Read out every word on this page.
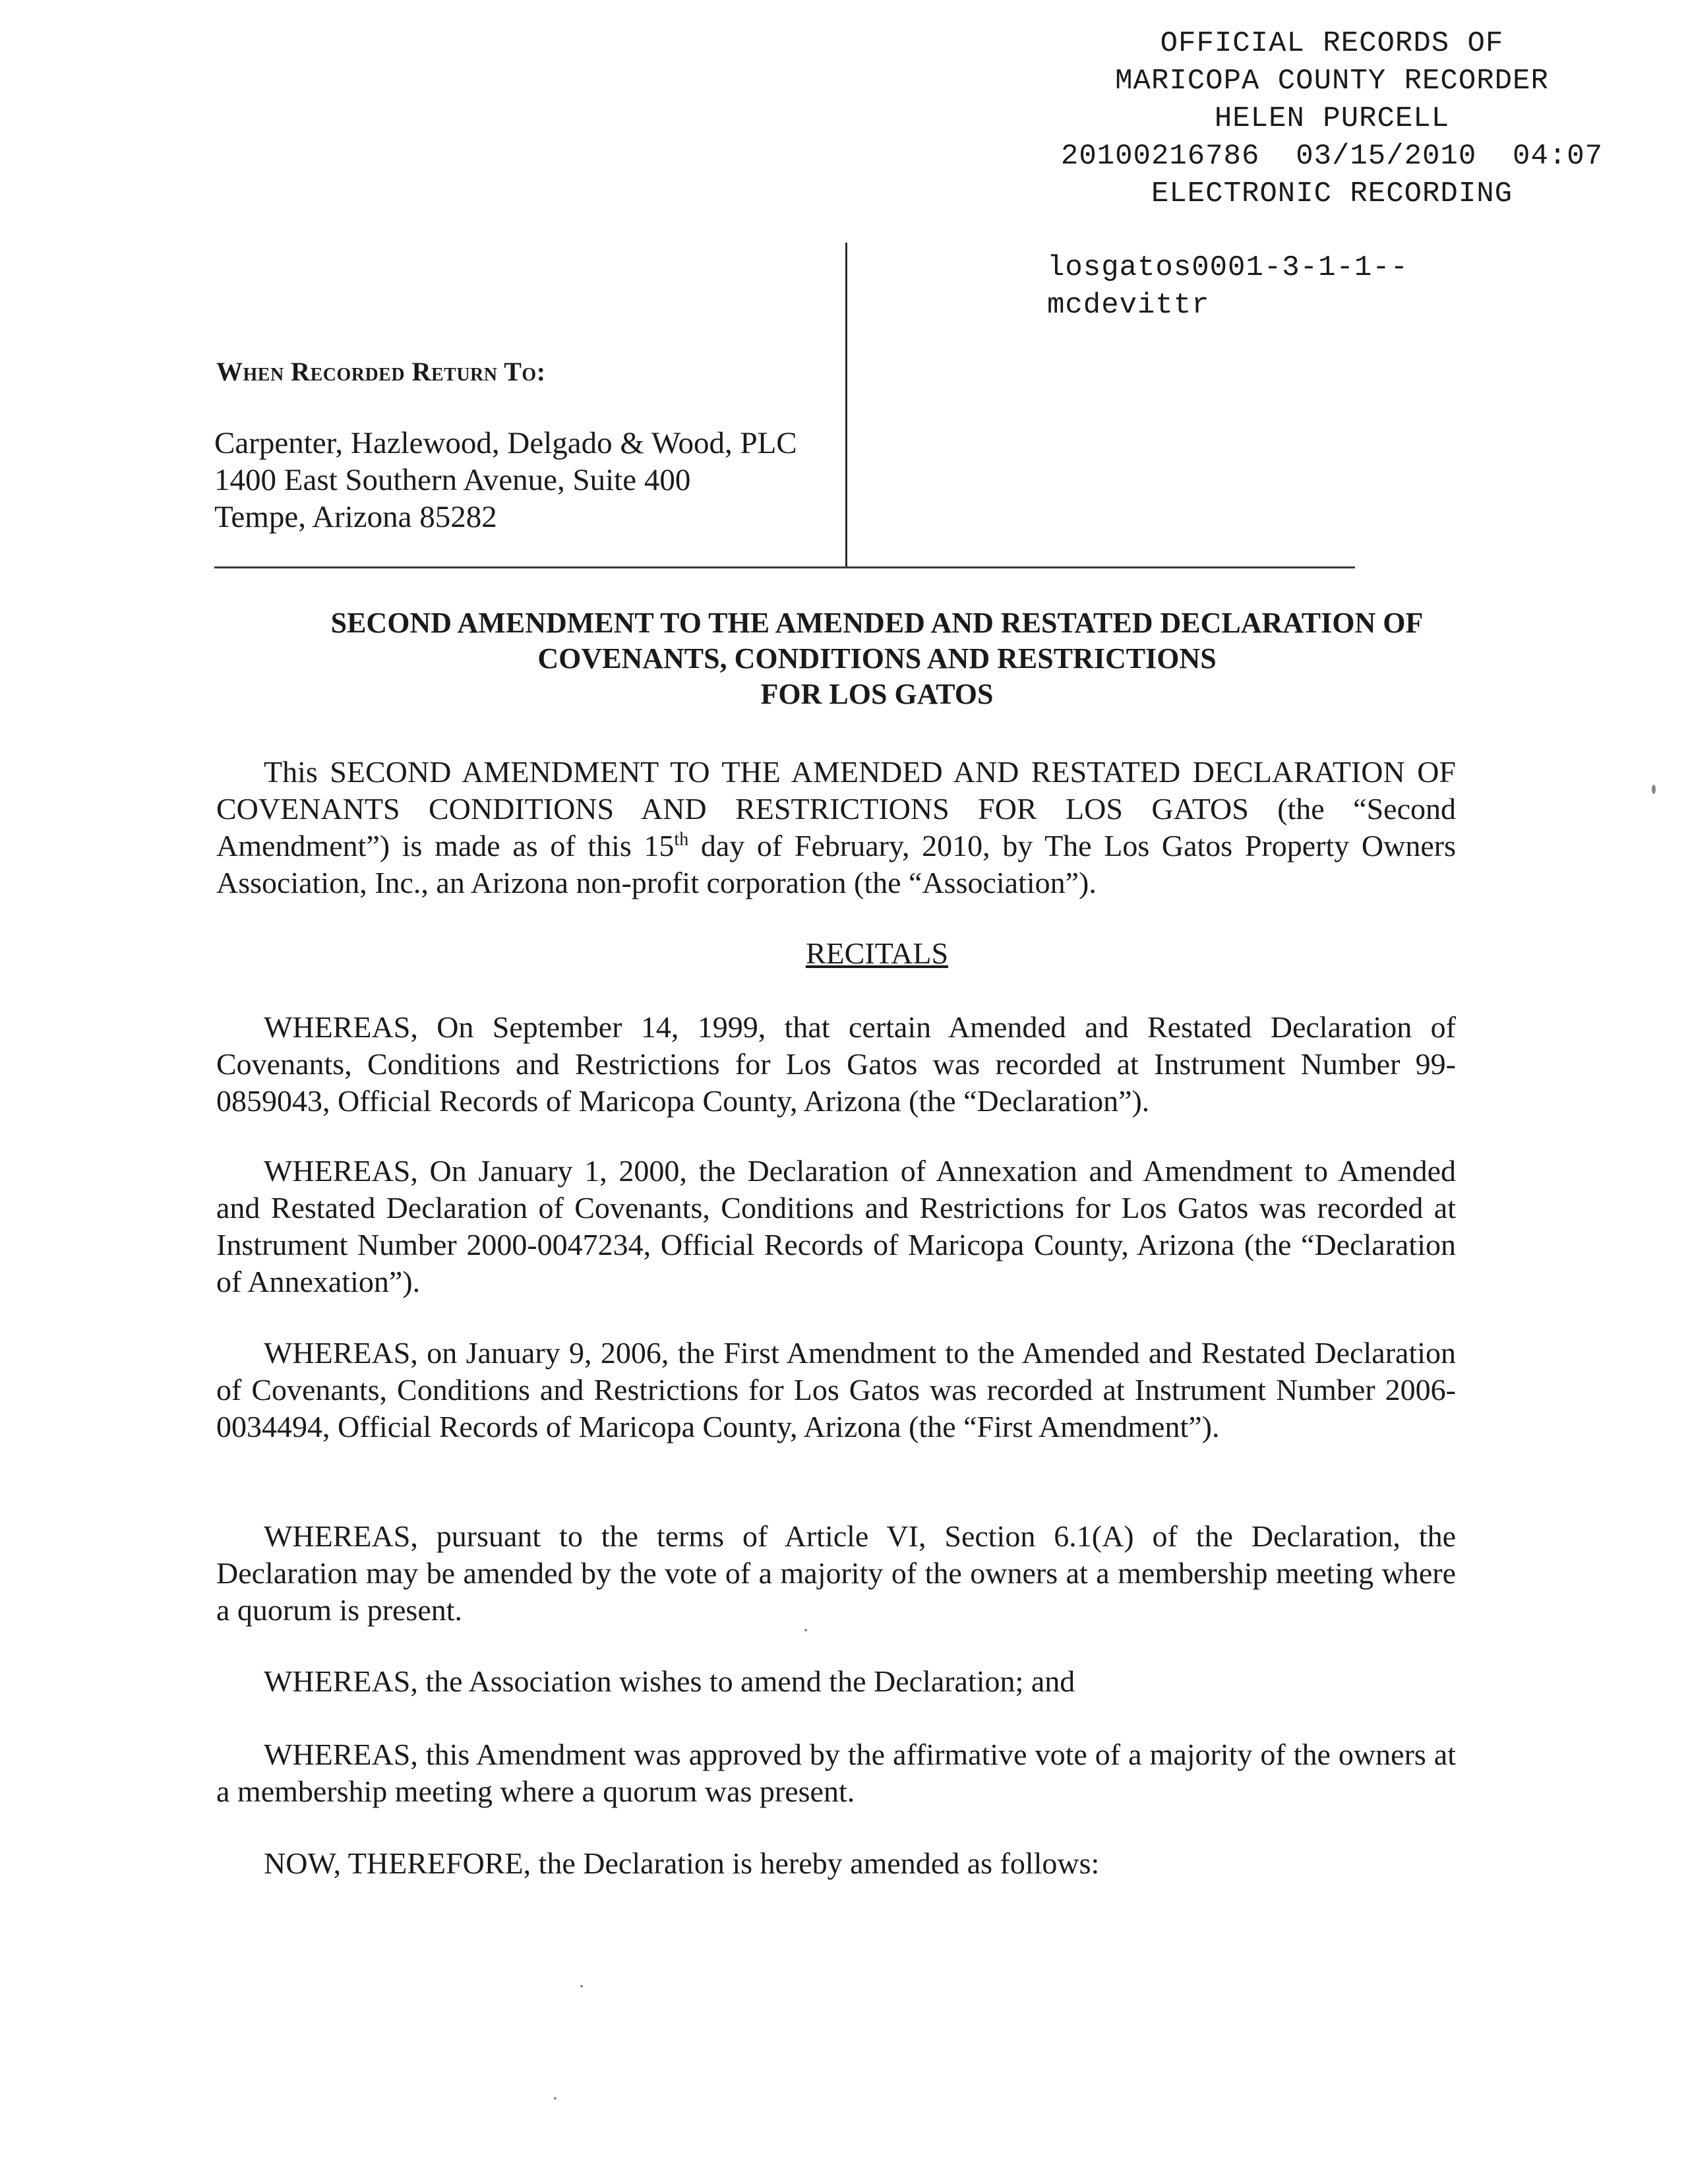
OFFICIAL RECORDS OF
MARICOPA COUNTY RECORDER
HELEN PURCELL
20100216786 03/15/2010 04:07
ELECTRONIC RECORDING
losgatos0001-3-1-1--
mcdevittr
When Recorded Return To:
Carpenter, Hazlewood, Delgado & Wood, PLC
1400 East Southern Avenue, Suite 400
Tempe, Arizona 85282
SECOND AMENDMENT TO THE AMENDED AND RESTATED DECLARATION OF
COVENANTS, CONDITIONS AND RESTRICTIONS
FOR LOS GATOS
This SECOND AMENDMENT TO THE AMENDED AND RESTATED DECLARATION OF COVENANTS CONDITIONS AND RESTRICTIONS FOR LOS GATOS (the “Second Amendment”) is made as of this 15th day of February, 2010, by The Los Gatos Property Owners Association, Inc., an Arizona non-profit corporation (the “Association”).
RECITALS
WHEREAS, On September 14, 1999, that certain Amended and Restated Declaration of Covenants, Conditions and Restrictions for Los Gatos was recorded at Instrument Number 99-0859043, Official Records of Maricopa County, Arizona (the “Declaration”).
WHEREAS, On January 1, 2000, the Declaration of Annexation and Amendment to Amended and Restated Declaration of Covenants, Conditions and Restrictions for Los Gatos was recorded at Instrument Number 2000-0047234, Official Records of Maricopa County, Arizona (the “Declaration of Annexation”).
WHEREAS, on January 9, 2006, the First Amendment to the Amended and Restated Declaration of Covenants, Conditions and Restrictions for Los Gatos was recorded at Instrument Number 2006-0034494, Official Records of Maricopa County, Arizona (the “First Amendment”).
WHEREAS, pursuant to the terms of Article VI, Section 6.1(A) of the Declaration, the Declaration may be amended by the vote of a majority of the owners at a membership meeting where a quorum is present.
WHEREAS, the Association wishes to amend the Declaration; and
WHEREAS, this Amendment was approved by the affirmative vote of a majority of the owners at a membership meeting where a quorum was present.
NOW, THEREFORE, the Declaration is hereby amended as follows:
